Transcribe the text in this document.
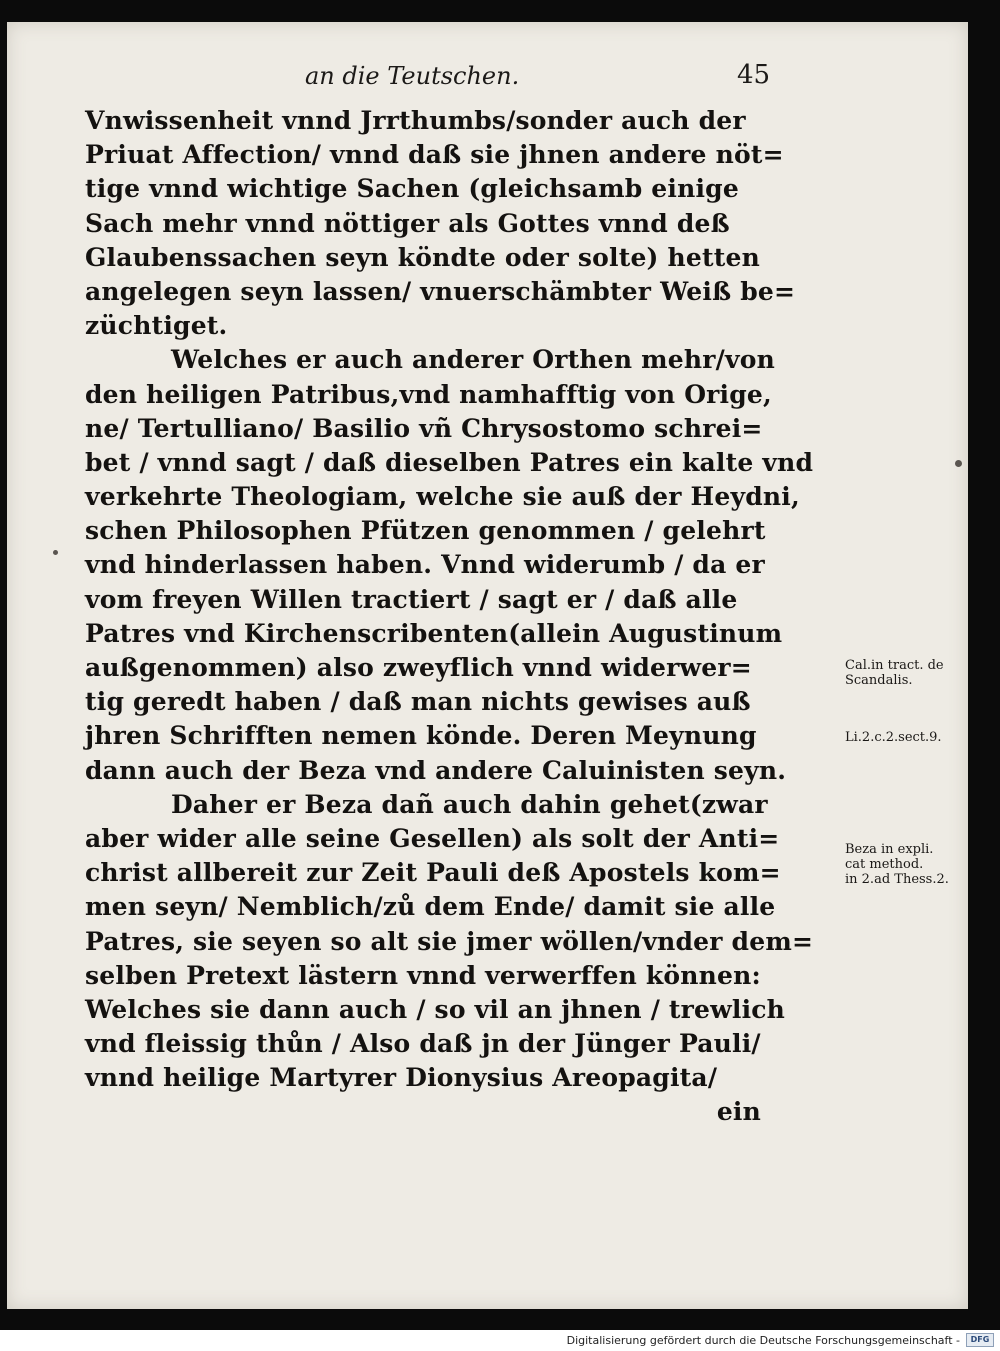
an die Teutschen.	45
Vnwissenheit vnnd Jrrthumbs/sonder auch der
Priuat Affection/ vnnd daß sie jhnen andere nöt=
tige vnnd wichtige Sachen (gleichsamb einige
Sach mehr vnnd nöttiger als Gottes vnnd deß
Glaubenssachen seyn köndte oder solte) hetten
angelegen seyn lassen/ vnuerschämbter Weiß be=
züchtiget.
Welches er auch anderer Orthen mehr/von
den heiligen Patribus,vnd namhafftig von Orige,
ne/ Tertulliano/ Basilio vñ Chrysostomo schrei=
bet / vnnd sagt / daß dieselben Patres ein kalte vnd
verkehrte Theologiam, welche sie auß der Heydni,
schen Philosophen Pfützen genommen / gelehrt
vnd hinderlassen haben. Vnnd widerumb / da er
vom freyen Willen tractiert / sagt er / daß alle
Patres vnd Kirchenscribenten(allein Augustinum
außgenommen) also zweyflich vnnd widerwer=
tig geredt haben / daß man nichts gewises auß
jhren Schrifften nemen könde. Deren Meynung
dann auch der Beza vnd andere Caluinisten seyn.
Daher er Beza dañ auch dahin gehet(zwar
aber wider alle seine Gesellen) als solt der Anti=
christ allbereit zur Zeit Pauli deß Apostels kom=
men seyn/ Nemblich/zů dem Ende/ damit sie alle
Patres, sie seyen so alt sie jmer wöllen/vnder dem=
selben Pretext lästern vnnd verwerffen können:
Welches sie dann auch / so vil an jhnen / trewlich
vnd fleissig thůn / Also daß jn der Jünger Pauli/
vnnd heilige Martyrer Dionysius Areopagita/
ein
Cal.in tract. de
Scandalis.
Li.2.c.2.sect.9.
Beza in expli.
cat method.
in 2.ad Thess.2.
Digitalisierung gefördert durch die Deutsche Forschungsgemeinschaft -	DFG
